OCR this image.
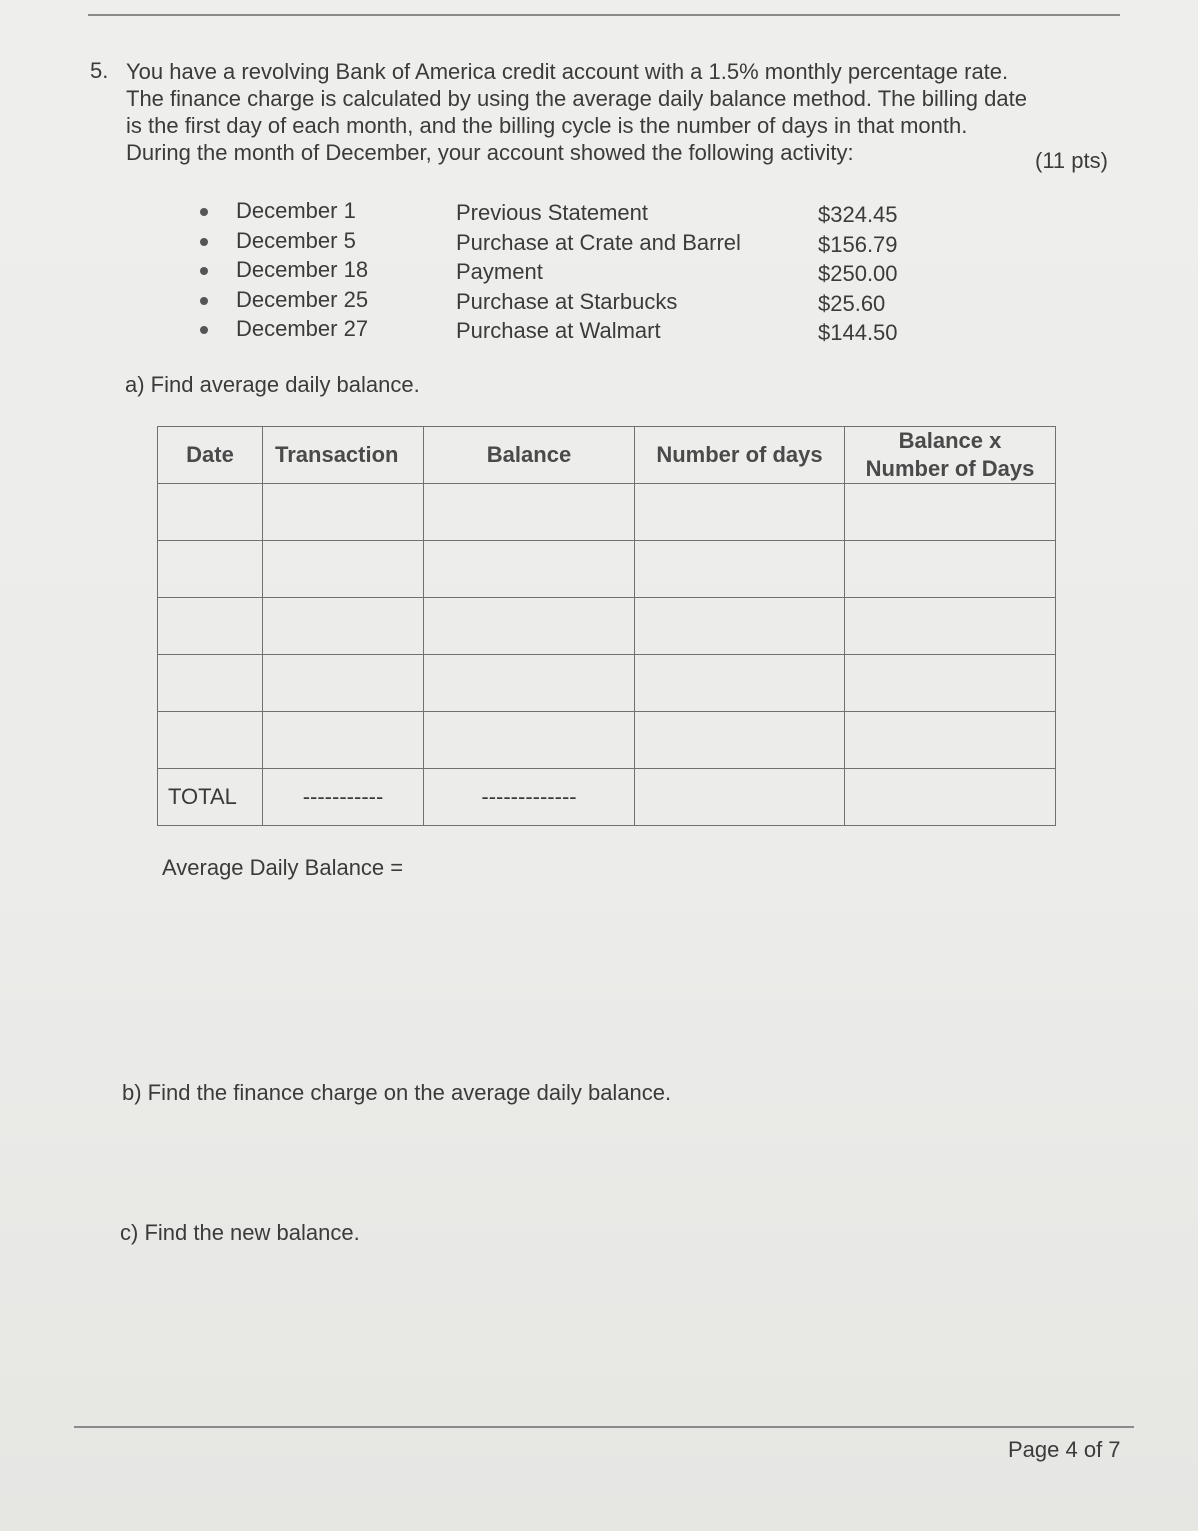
5. You have a revolving Bank of America credit account with a 1.5% monthly percentage rate.
The finance charge is calculated by using the average daily balance method. The billing date
is the first day of each month, and the billing cycle is the number of days in that month.
During the month of December, your account showed the following activity:	(11 pts)
December 1	Previous Statement	$324.45
December 5	Purchase at Crate and Barrel	$156.79
December 18	Payment	$250.00
December 25	Purchase at Starbucks	$25.60
December 27	Purchase at Walmart	$144.50
a) Find average daily balance.
Date	Transaction	Balance	Number of days	Balance x
Number of Days

TOTAL	-----------	-------------		
Average Daily Balance =
b) Find the finance charge on the average daily balance.
c) Find the new balance.
Page 4 of 7
